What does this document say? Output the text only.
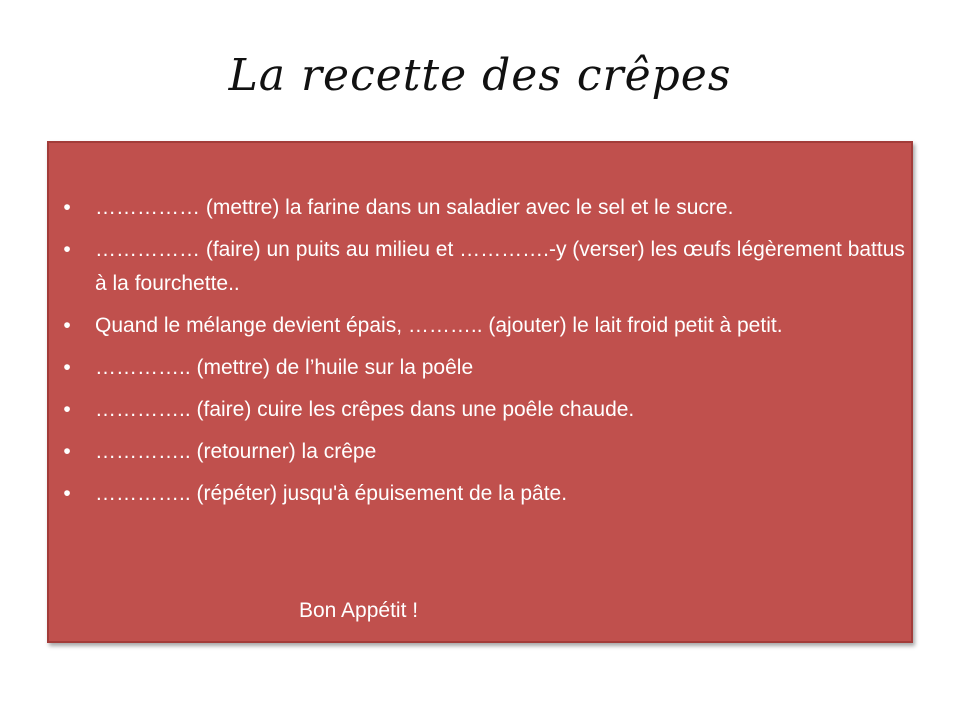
La recette des crêpes
•	…………… (mettre) la farine dans un saladier avec le sel et le sucre.
•	…………… (faire) un puits au milieu et ………….-y (verser) les œufs légèrement battus à la fourchette..
•	Quand le mélange devient épais, ……….. (ajouter) le lait froid petit à petit.
•	………….. (mettre) de l’huile sur la poêle
•	………….. (faire) cuire les crêpes dans une poêle chaude.
•	………….. (retourner) la crêpe
•	………….. (répéter) jusqu'à épuisement de la pâte.
Bon Appétit !
